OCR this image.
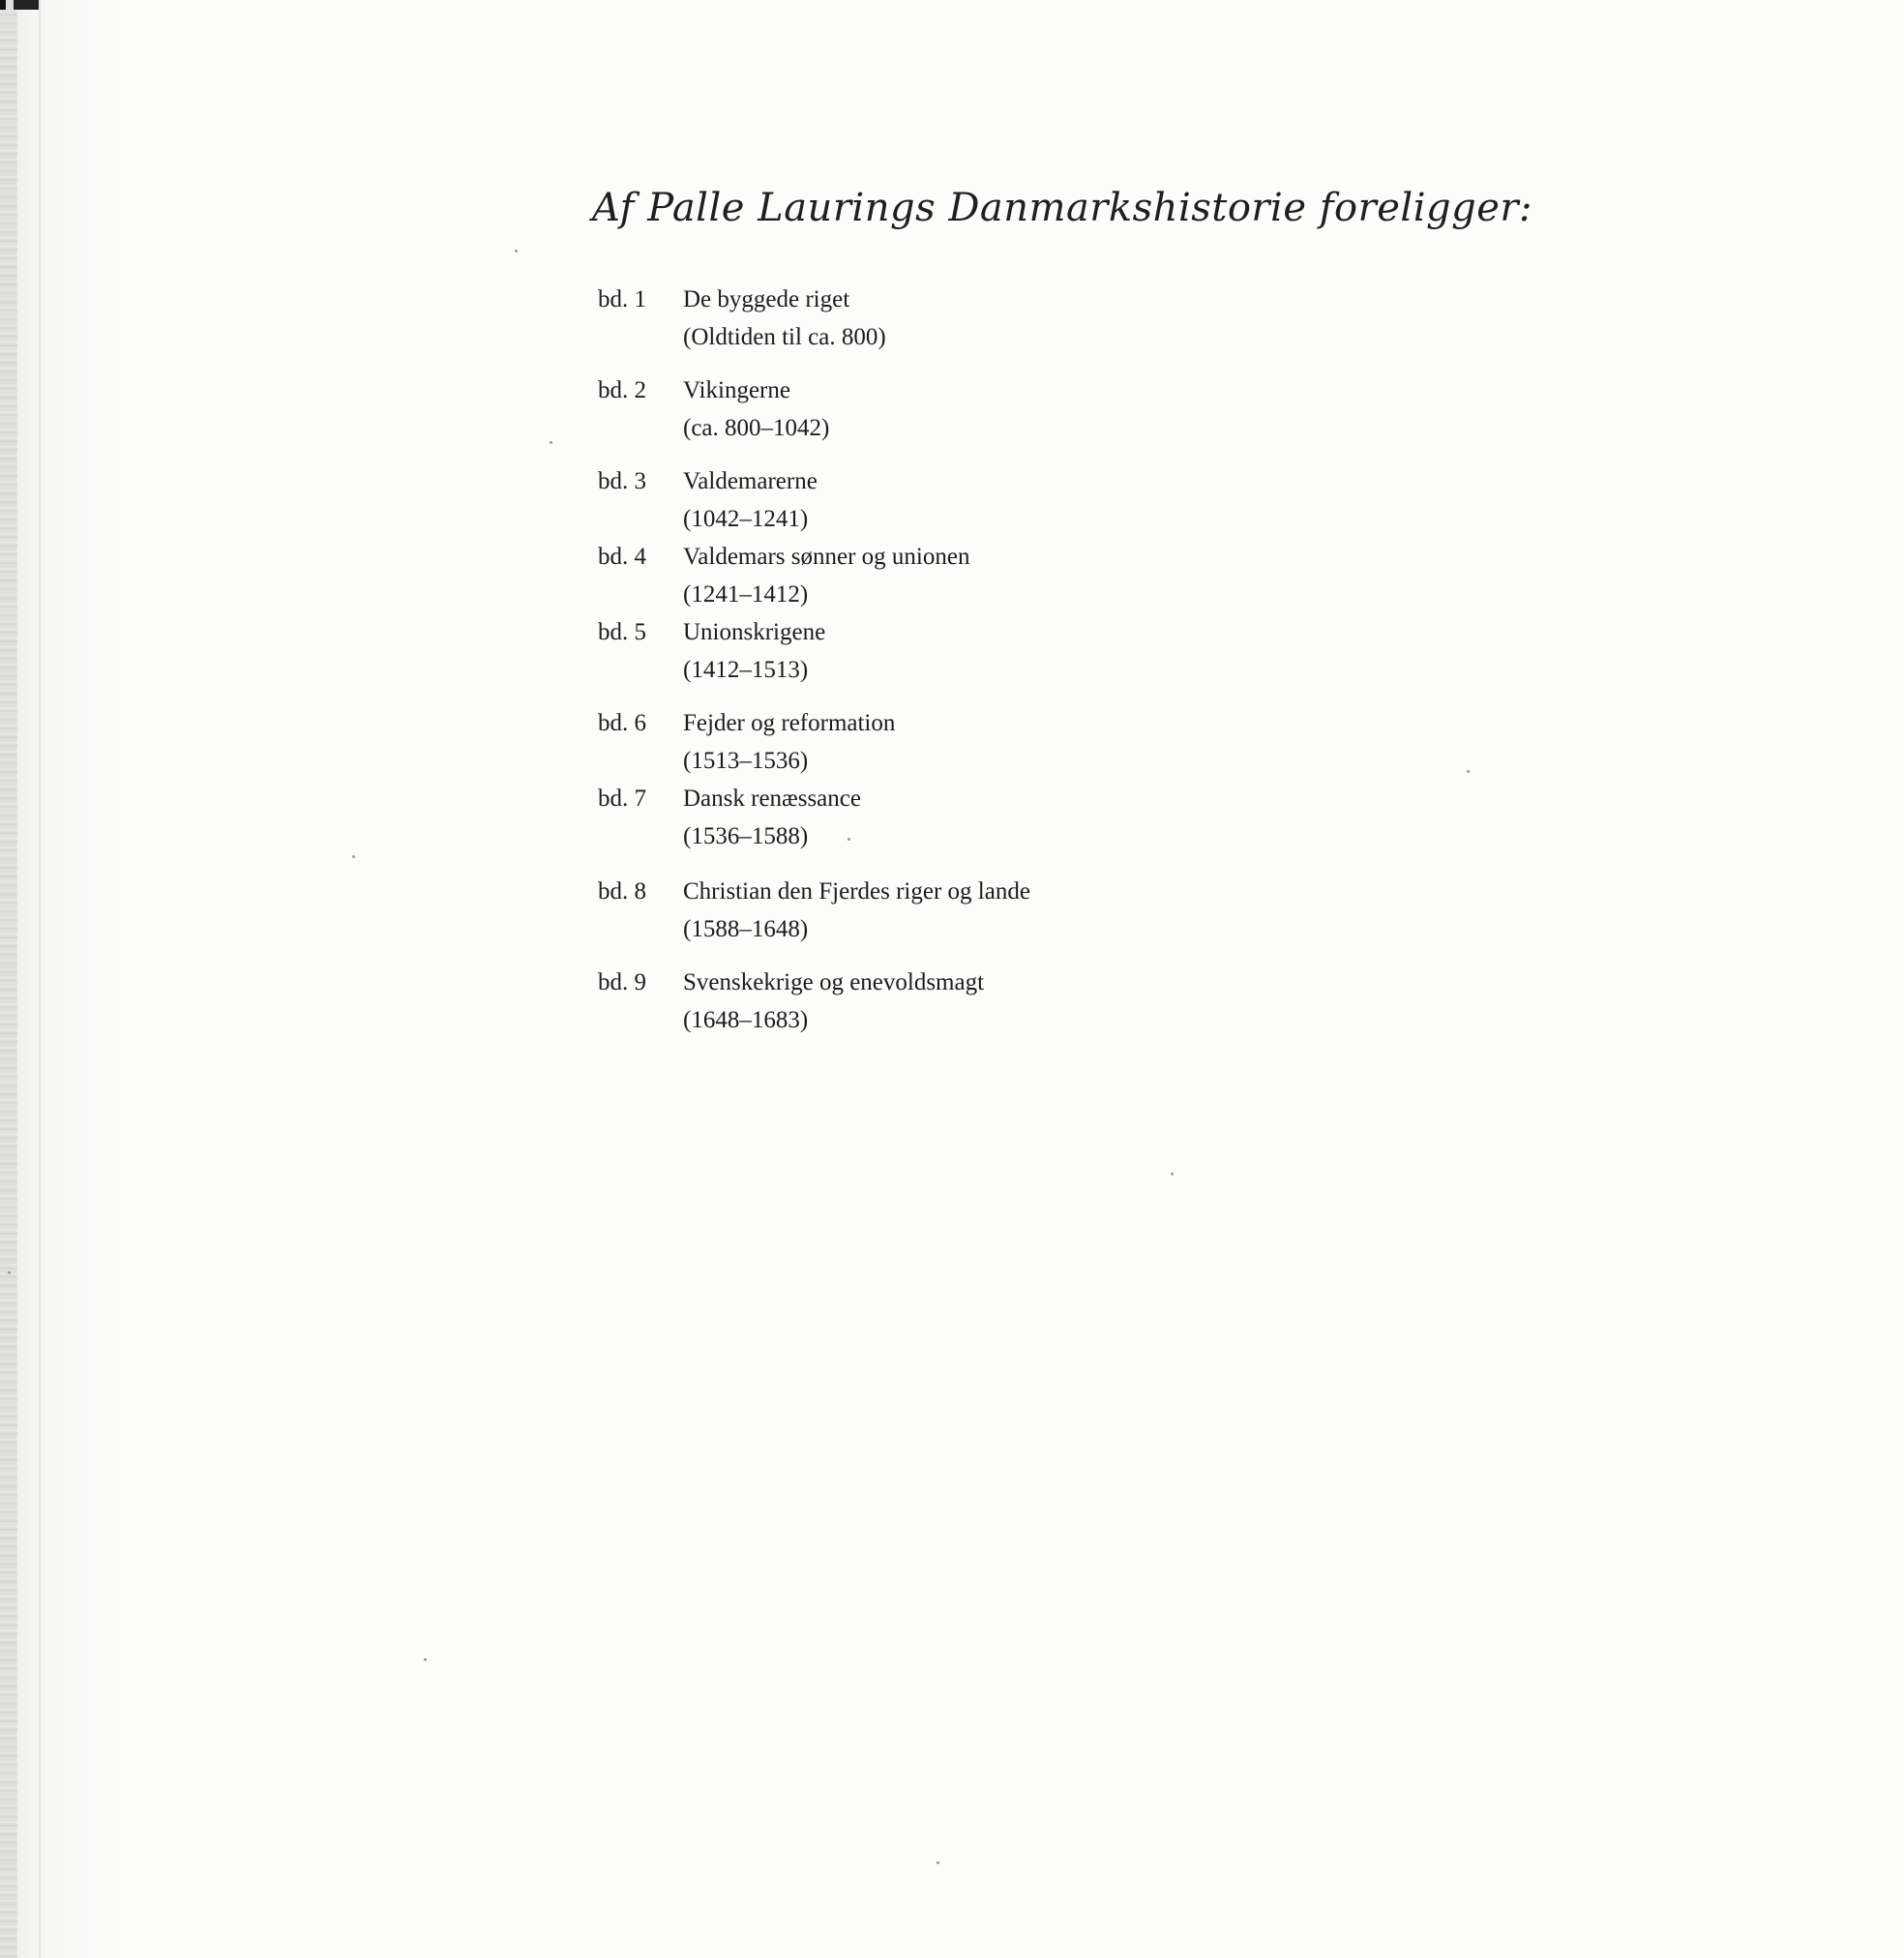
Af Palle Laurings Danmarkshistorie foreligger:
bd. 1 De byggede riget
(Oldtiden til ca. 800)
bd. 2 Vikingerne
(ca. 800–1042)
bd. 3 Valdemarerne
(1042–1241)
bd. 4 Valdemars sønner og unionen
(1241–1412)
bd. 5 Unionskrigene
(1412–1513)
bd. 6 Fejder og reformation
(1513–1536)
bd. 7 Dansk renæssance
(1536–1588)
bd. 8 Christian den Fjerdes riger og lande
(1588–1648)
bd. 9 Svenskekrige og enevoldsmagt
(1648–1683)
